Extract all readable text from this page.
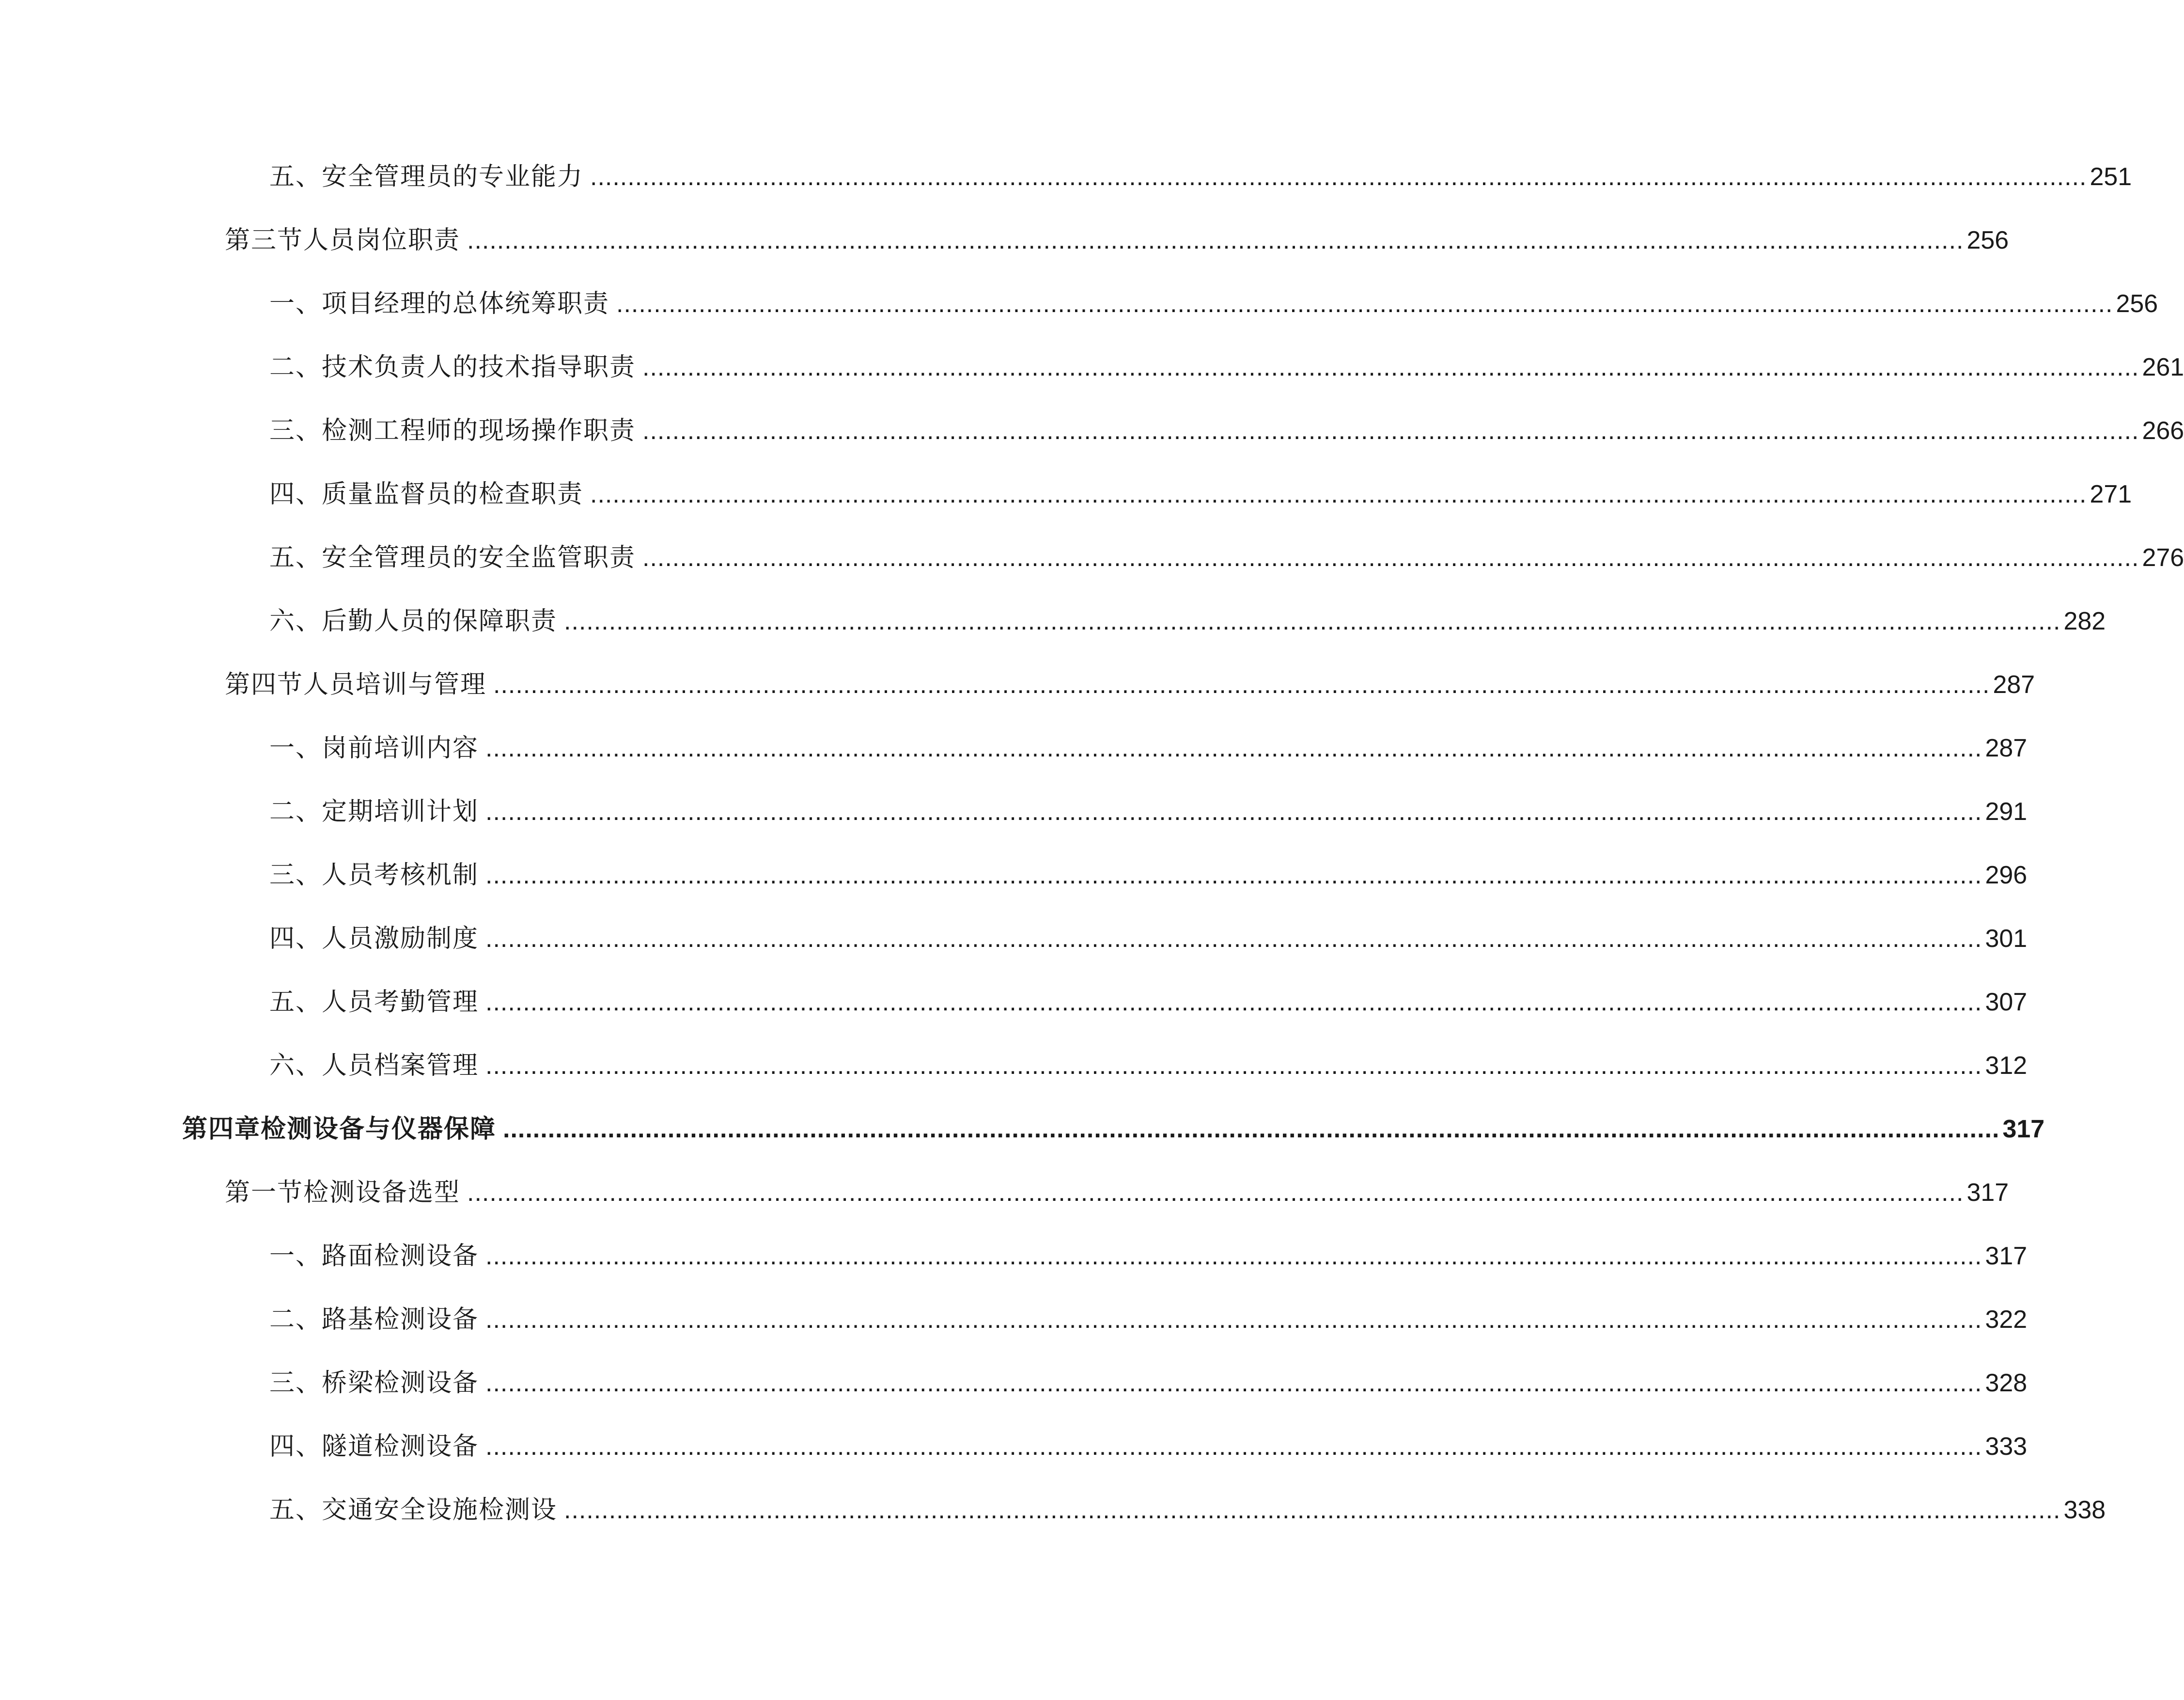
五、安全管理员的专业能力 ........................................................................................................................................................................................................ 251
第三节人员岗位职责 ........................................................................................................................................................................................................ 256
一、项目经理的总体统筹职责 ........................................................................................................................................................................................................ 256
二、技术负责人的技术指导职责 ........................................................................................................................................................................................................ 261
三、检测工程师的现场操作职责 ........................................................................................................................................................................................................ 266
四、质量监督员的检查职责 ........................................................................................................................................................................................................ 271
五、安全管理员的安全监管职责 ........................................................................................................................................................................................................ 276
六、后勤人员的保障职责 ........................................................................................................................................................................................................ 282
第四节人员培训与管理 ........................................................................................................................................................................................................ 287
一、岗前培训内容 ........................................................................................................................................................................................................ 287
二、定期培训计划 ........................................................................................................................................................................................................ 291
三、人员考核机制 ........................................................................................................................................................................................................ 296
四、人员激励制度 ........................................................................................................................................................................................................ 301
五、人员考勤管理 ........................................................................................................................................................................................................ 307
六、人员档案管理 ........................................................................................................................................................................................................ 312
第四章检测设备与仪器保障 ........................................................................................................................................................................................................ 317
第一节检测设备选型 ........................................................................................................................................................................................................ 317
一、路面检测设备 ........................................................................................................................................................................................................ 317
二、路基检测设备 ........................................................................................................................................................................................................ 322
三、桥梁检测设备 ........................................................................................................................................................................................................ 328
四、隧道检测设备 ........................................................................................................................................................................................................ 333
五、交通安全设施检测设 ........................................................................................................................................................................................................ 338
